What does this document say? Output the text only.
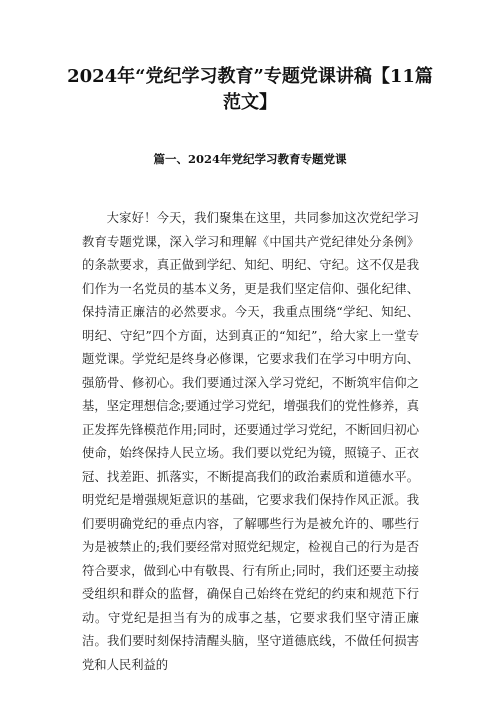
2024年“党纪学习教育”专题党课讲稿【11篇范文】
篇一、2024年党纪学习教育专题党课

大家好！今天，我们聚集在这里，共同参加这次党纪学习教育专题党课，深入学习和理解《中国共产党纪律处分条例》的条款要求，真正做到学纪、知纪、明纪、守纪。这不仅是我们作为一名党员的基本义务，更是我们坚定信仰、强化纪律、保持清正廉洁的必然要求。今天，我重点围绕“学纪、知纪、明纪、守纪”四个方面，达到真正的“知纪”，给大家上一堂专题党课。学党纪是终身必修课，它要求我们在学习中明方向、强筋骨、修初心。我们要通过深入学习党纪，不断筑牢信仰之基，坚定理想信念;要通过学习党纪，增强我们的党性修养，真正发挥先锋模范作用;同时，还要通过学习党纪，不断回归初心使命，始终保持人民立场。我们要以党纪为镜，照镜子、正衣冠、找差距、抓落实，不断提高我们的政治素质和道德水平。明党纪是增强规矩意识的基础，它要求我们保持作风正派。我们要明确党纪的垂点内容，了解哪些行为是被允许的、哪些行为是被禁止的;我们要经常对照党纪规定，检视自己的行为是否符合要求，做到心中有敬畏、行有所止;同时，我们还要主动接受组织和群众的监督，确保自己始终在党纪的约束和规范下行动。守党纪是担当有为的成事之基，它要求我们坚守清正廉洁。我们要时刻保持清醒头脑，坚守道德底线，不做任何损害党和人民利益的
